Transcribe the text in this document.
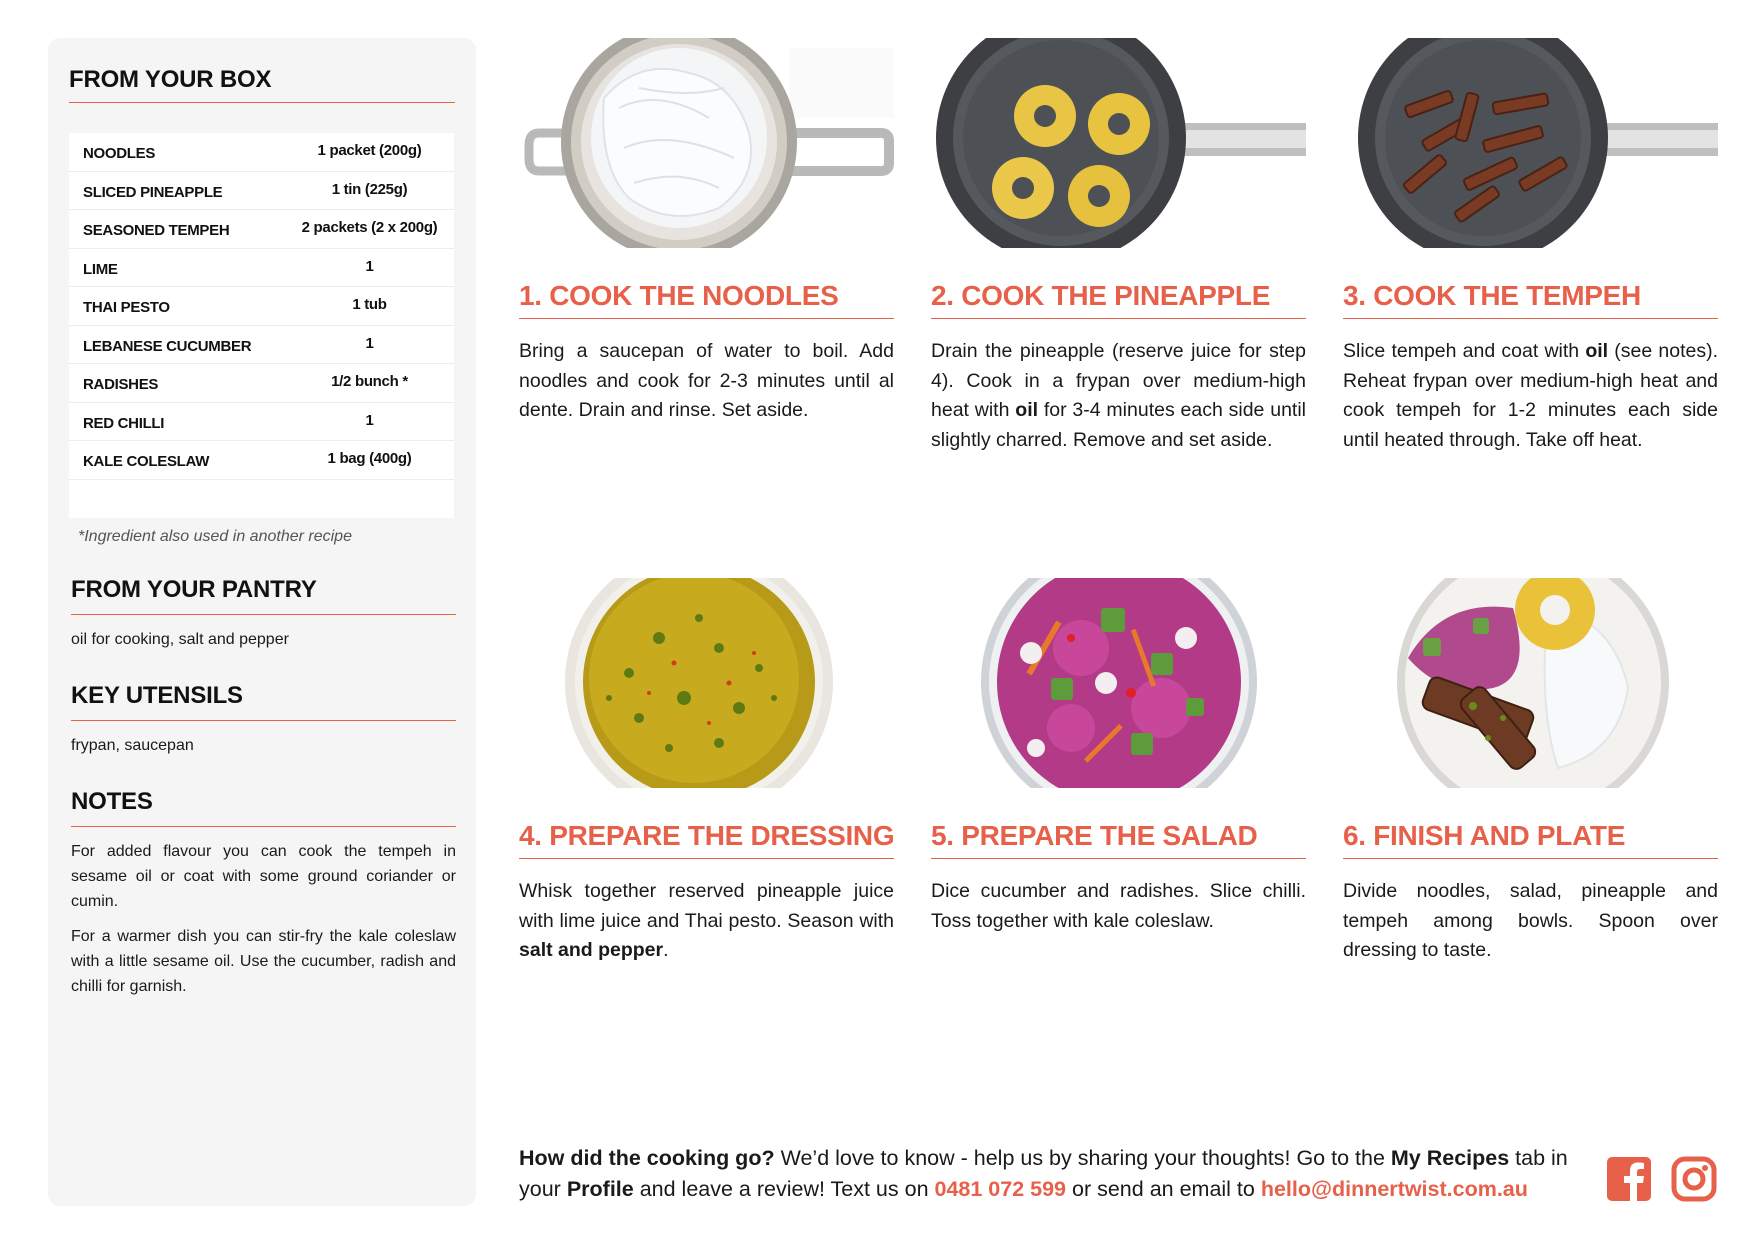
FROM YOUR BOX
NOODLES	1 packet (200g)
SLICED PINEAPPLE	1 tin (225g)
SEASONED TEMPEH	2 packets (2 x 200g)
LIME	1
THAI PESTO	1 tub
LEBANESE CUCUMBER	1
RADISHES	1/2 bunch *
RED CHILLI	1
KALE COLESLAW	1 bag (400g)
*Ingredient also used in another recipe
FROM YOUR PANTRY
oil for cooking, salt and pepper
KEY UTENSILS
frypan, saucepan
NOTES

For added flavour you can cook the tempeh in sesame oil or coat with some ground coriander or cumin.

For a warmer dish you can stir-fry the kale coleslaw with a little sesame oil. Use the cucumber, radish and chilli for garnish.

1. COOK THE NOODLES

Bring a saucepan of water to boil. Add noodles and cook for 2-3 minutes until al dente. Drain and rinse. Set aside.

2. COOK THE PINEAPPLE

Drain the pineapple (reserve juice for step 4). Cook in a frypan over medium-high heat with oil for 3-4 minutes each side until slightly charred. Remove and set aside.

3. COOK THE TEMPEH

Slice tempeh and coat with oil (see notes). Reheat frypan over medium-high heat and cook tempeh for 1-2 minutes each side until heated through. Take off heat.

4. PREPARE THE DRESSING

Whisk together reserved pineapple juice with lime juice and Thai pesto. Season with salt and pepper.

5. PREPARE THE SALAD

Dice cucumber and radishes. Slice chilli. Toss together with kale coleslaw.

6. FINISH AND PLATE

Divide noodles, salad, pineapple and tempeh among bowls. Spoon over dressing to taste.

How did the cooking go? We’d love to know - help us by sharing your thoughts! Go to the My Recipes tab in your Profile and leave a review! Text us on 0481 072 599 or send an email to hello@dinnertwist.com.au
